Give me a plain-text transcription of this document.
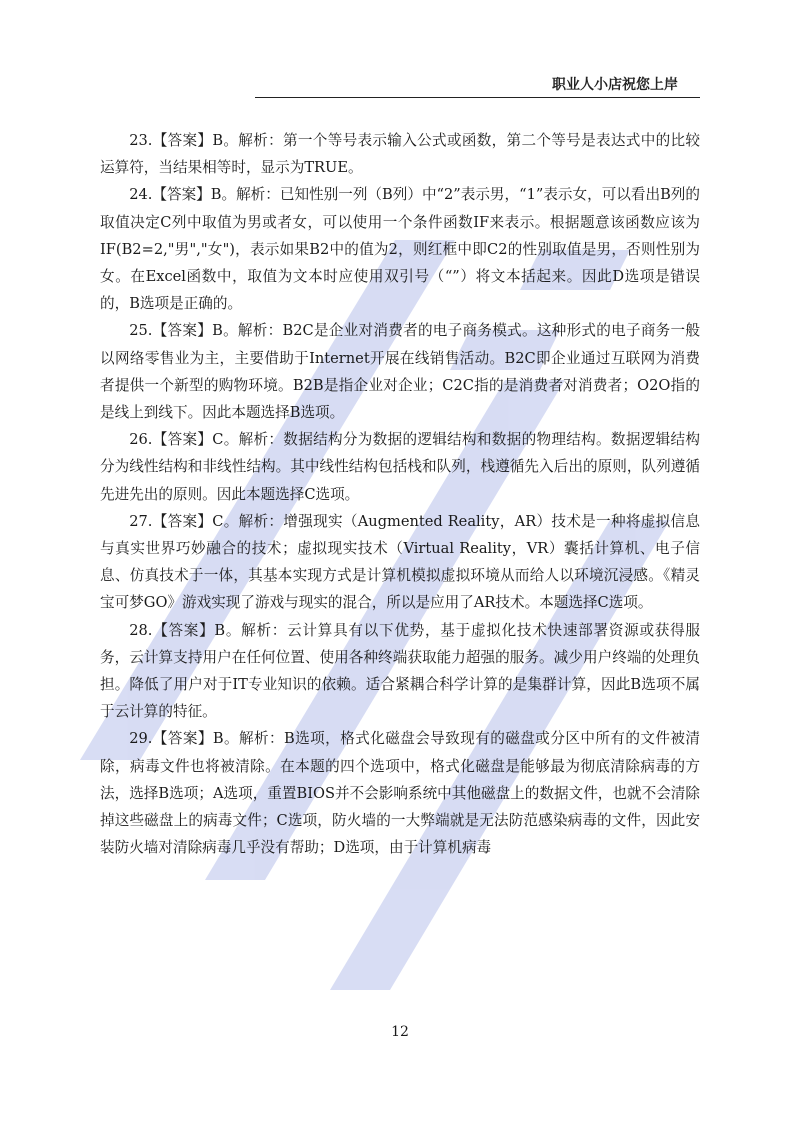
职业人小店祝您上岸

23.【答案】B。解析：第一个等号表示输入公式或函数，第二个等号是表达式中的比较运算符，当结果相等时，显示为TRUE。

24.【答案】B。解析：已知性别一列（B列）中“2”表示男，“1”表示女，可以看出B列的取值决定C列中取值为男或者女，可以使用一个条件函数IF来表示。根据题意该函数应该为IF(B2=2,"男","女")，表示如果B2中的值为2，则红框中即C2的性别取值是男，否则性别为女。在Excel函数中，取值为文本时应使用双引号（“”）将文本括起来。因此D选项是错误的，B选项是正确的。

25.【答案】B。解析：B2C是企业对消费者的电子商务模式。这种形式的电子商务一般以网络零售业为主，主要借助于Internet开展在线销售活动。B2C即企业通过互联网为消费者提供一个新型的购物环境。B2B是指企业对企业；C2C指的是消费者对消费者；O2O指的是线上到线下。因此本题选择B选项。

26.【答案】C。解析：数据结构分为数据的逻辑结构和数据的物理结构。数据逻辑结构分为线性结构和非线性结构。其中线性结构包括栈和队列，栈遵循先入后出的原则，队列遵循先进先出的原则。因此本题选择C选项。

27.【答案】C。解析：增强现实（Augmented Reality，AR）技术是一种将虚拟信息与真实世界巧妙融合的技术；虚拟现实技术（Virtual Reality，VR）囊括计算机、电子信息、仿真技术于一体，其基本实现方式是计算机模拟虚拟环境从而给人以环境沉浸感。《精灵宝可梦GO》游戏实现了游戏与现实的混合，所以是应用了AR技术。本题选择C选项。

28.【答案】B。解析：云计算具有以下优势，基于虚拟化技术快速部署资源或获得服务，云计算支持用户在任何位置、使用各种终端获取能力超强的服务。减少用户终端的处理负担。降低了用户对于IT专业知识的依赖。适合紧耦合科学计算的是集群计算，因此B选项不属于云计算的特征。

29.【答案】B。解析：B选项，格式化磁盘会导致现有的磁盘或分区中所有的文件被清除，病毒文件也将被清除。在本题的四个选项中，格式化磁盘是能够最为彻底清除病毒的方法，选择B选项；A选项，重置BIOS并不会影响系统中其他磁盘上的数据文件，也就不会清除掉这些磁盘上的病毒文件；C选项，防火墙的一大弊端就是无法防范感染病毒的文件，因此安装防火墙对清除病毒几乎没有帮助；D选项，由于计算机病毒

12
